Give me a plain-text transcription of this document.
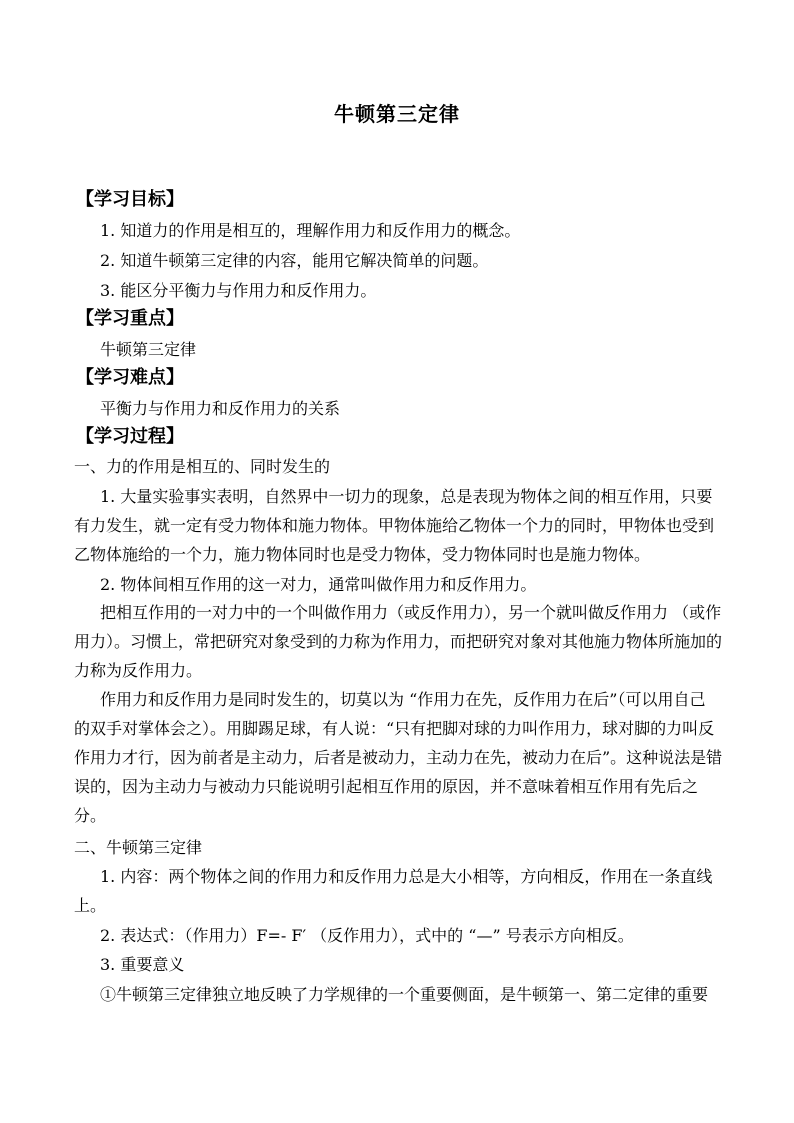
牛顿第三定律
【学习目标】
1. 知道力的作用是相互的，理解作用力和反作用力的概念。
2. 知道牛顿第三定律的内容，能用它解决简单的问题。
3. 能区分平衡力与作用力和反作用力。
【学习重点】
牛顿第三定律
【学习难点】
平衡力与作用力和反作用力的关系
【学习过程】
一、力的作用是相互的、同时发生的
1. 大量实验事实表明，自然界中一切力的现象，总是表现为物体之间的相互作用，只要
有力发生，就一定有受力物体和施力物体。甲物体施给乙物体一个力的同时，甲物体也受到
乙物体施给的一个力，施力物体同时也是受力物体，受力物体同时也是施力物体。
2. 物体间相互作用的这一对力，通常叫做作用力和反作用力。
把相互作用的一对力中的一个叫做作用力（或反作用力），另一个就叫做反作用力 （或作
用力）。习惯上，常把研究对象受到的力称为作用力，而把研究对象对其他施力物体所施加的
力称为反作用力。
作用力和反作用力是同时发生的，切莫以为 “作用力在先，反作用力在后”（可以用自己
的双手对掌体会之）。用脚踢足球，有人说：“只有把脚对球的力叫作用力，球对脚的力叫反
作用力才行，因为前者是主动力，后者是被动力，主动力在先，被动力在后”。这种说法是错
误的，因为主动力与被动力只能说明引起相互作用的原因，并不意味着相互作用有先后之
分。
二、牛顿第三定律
1. 内容：两个物体之间的作用力和反作用力总是大小相等，方向相反，作用在一条直线
上。
2. 表达式：（作用力）F=- F′ （反作用力），式中的 “—” 号表示方向相反。
3. 重要意义
①牛顿第三定律独立地反映了力学规律的一个重要侧面，是牛顿第一、第二定律的重要
